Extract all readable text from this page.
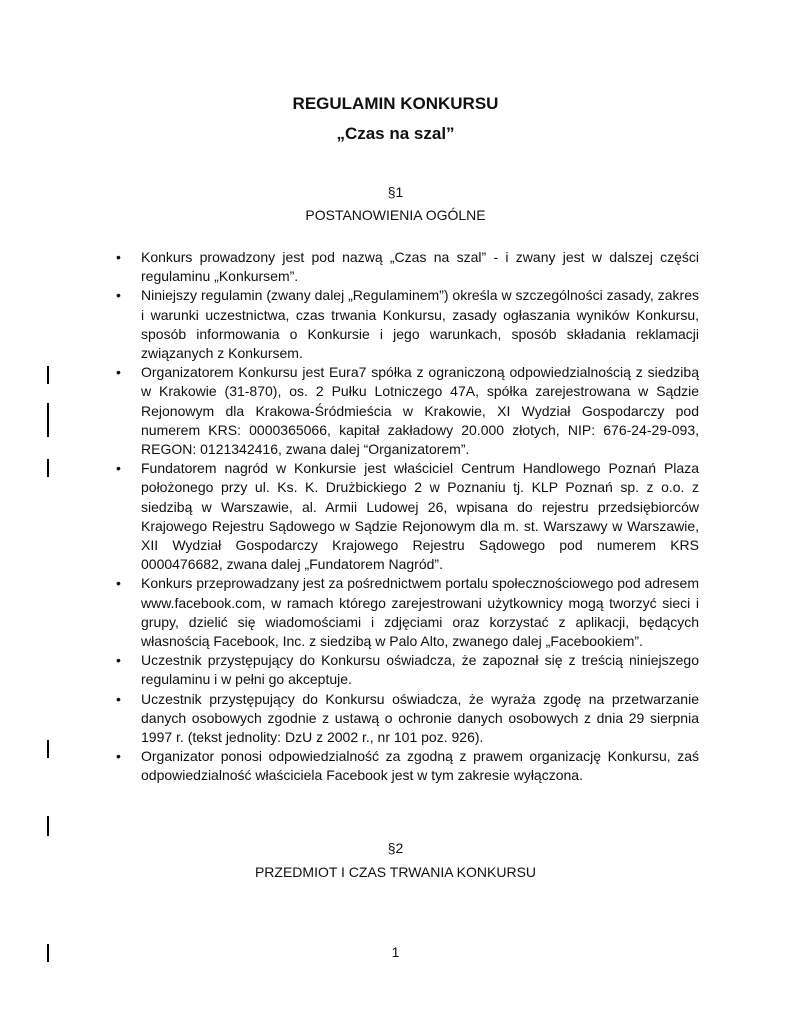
REGULAMIN KONKURSU
„Czas na szal”
§1
POSTANOWIENIA OGÓLNE
• Konkurs prowadzony jest pod nazwą „Czas na szal” - i zwany jest w dalszej części regulaminu „Konkursem”.
• Niniejszy regulamin (zwany dalej „Regulaminem”) określa w szczególności zasady, zakres i warunki uczestnictwa, czas trwania Konkursu, zasady ogłaszania wyników Konkursu, sposób informowania o Konkursie i jego warunkach, sposób składania reklamacji związanych z Konkursem.
• Organizatorem Konkursu jest Eura7 spółka z ograniczoną odpowiedzialnością z siedzibą w Krakowie (31-870), os. 2 Pułku Lotniczego 47A, spółka zarejestrowana w Sądzie Rejonowym dla Krakowa-Śródmieścia w Krakowie, XI Wydział Gospodarczy pod numerem KRS: 0000365066, kapitał zakładowy 20.000 złotych, NIP: 676-24-29-093, REGON: 0121342416, zwana dalej “Organizatorem”.
• Fundatorem nagród w Konkursie jest właściciel Centrum Handlowego Poznań Plaza położonego przy ul. Ks. K. Drużbickiego 2 w Poznaniu tj. KLP Poznań sp. z o.o. z siedzibą w Warszawie, al. Armii Ludowej 26, wpisana do rejestru przedsiębiorców Krajowego Rejestru Sądowego w Sądzie Rejonowym dla m. st. Warszawy w Warszawie, XII Wydział Gospodarczy Krajowego Rejestru Sądowego pod numerem KRS 0000476682, zwana dalej „Fundatorem Nagród”.
• Konkurs przeprowadzany jest za pośrednictwem portalu społecznościowego pod adresem www.facebook.com, w ramach którego zarejestrowani użytkownicy mogą tworzyć sieci i grupy, dzielić się wiadomościami i zdjęciami oraz korzystać z aplikacji, będących własnością Facebook, Inc. z siedzibą w Palo Alto, zwanego dalej „Facebookiem”.
• Uczestnik przystępujący do Konkursu oświadcza, że zapoznał się z treścią niniejszego regulaminu i w pełni go akceptuje.
• Uczestnik przystępujący do Konkursu oświadcza, że wyraża zgodę na przetwarzanie danych osobowych zgodnie z ustawą o ochronie danych osobowych z dnia 29 sierpnia 1997 r. (tekst jednolity: DzU z 2002 r., nr 101 poz. 926).
• Organizator ponosi odpowiedzialność za zgodną z prawem organizację Konkursu, zaś odpowiedzialność właściciela Facebook jest w tym zakresie wyłączona.
§2
PRZEDMIOT I CZAS TRWANIA KONKURSU
1
